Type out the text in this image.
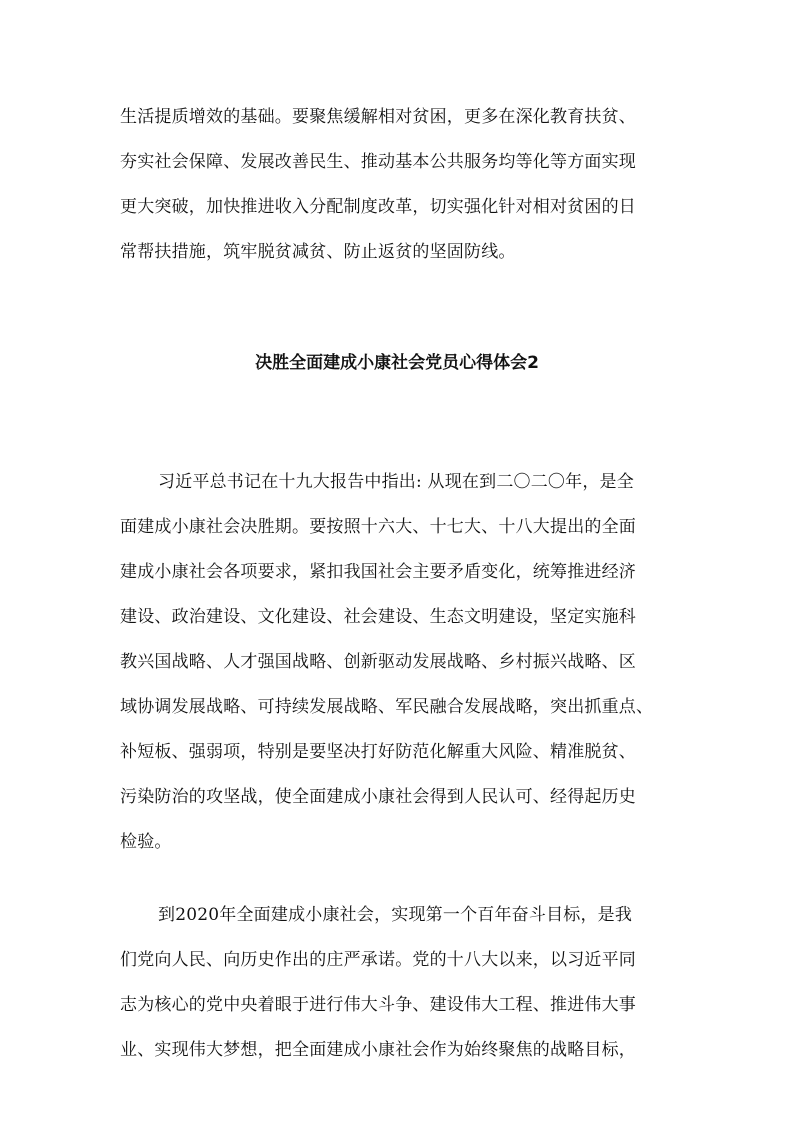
生活提质增效的基础。要聚焦缓解相对贫困，更多在深化教育扶贫、
夯实社会保障、发展改善民生、推动基本公共服务均等化等方面实现
更大突破，加快推进收入分配制度改革，切实强化针对相对贫困的日
常帮扶措施，筑牢脱贫减贫、防止返贫的坚固防线。
决胜全面建成小康社会党员心得体会2
习近平总书记在十九大报告中指出: 从现在到二〇二〇年，是全
面建成小康社会决胜期。要按照十六大、十七大、十八大提出的全面
建成小康社会各项要求，紧扣我国社会主要矛盾变化，统筹推进经济
建设、政治建设、文化建设、社会建设、生态文明建设，坚定实施科
教兴国战略、人才强国战略、创新驱动发展战略、乡村振兴战略、区
域协调发展战略、可持续发展战略、军民融合发展战略，突出抓重点、
补短板、强弱项，特别是要坚决打好防范化解重大风险、精准脱贫、
污染防治的攻坚战，使全面建成小康社会得到人民认可、经得起历史
检验。
到2020年全面建成小康社会，实现第一个百年奋斗目标，是我
们党向人民、向历史作出的庄严承诺。党的十八大以来，以习近平同
志为核心的党中央着眼于进行伟大斗争、建设伟大工程、推进伟大事
业、实现伟大梦想，把全面建成小康社会作为始终聚焦的战略目标，
